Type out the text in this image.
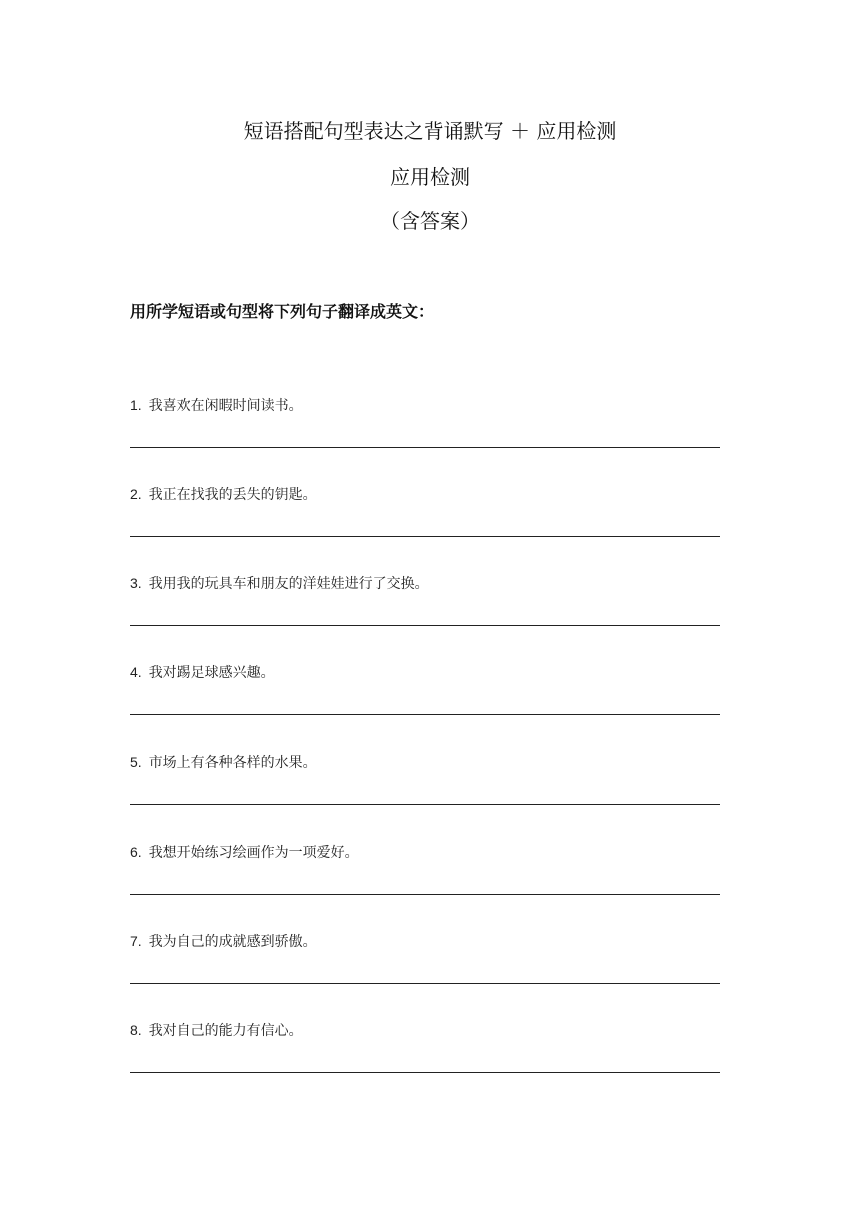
短语搭配句型表达之背诵默写 ＋ 应用检测
应用检测
（含答案）
用所学短语或句型将下列句子翻译成英文：
1. 我喜欢在闲暇时间读书。
2. 我正在找我的丢失的钥匙。
3. 我用我的玩具车和朋友的洋娃娃进行了交换。
4. 我对踢足球感兴趣。
5. 市场上有各种各样的水果。
6. 我想开始练习绘画作为一项爱好。
7. 我为自己的成就感到骄傲。
8. 我对自己的能力有信心。
